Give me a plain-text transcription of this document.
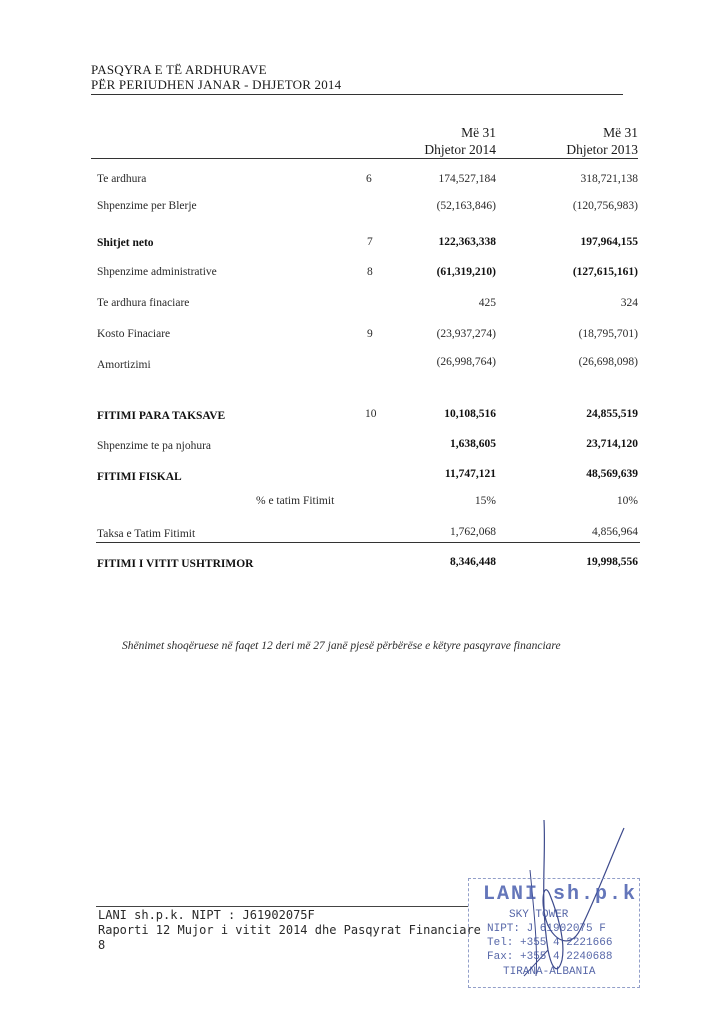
PASQYRA E TË ARDHURAVE
PËR PERIUDHEN JANAR - DHJETOR 2014
Më 31
Dhjetor 2014
Më 31
Dhjetor 2013
Te ardhura	6	174,527,184	318,721,138
Shpenzime per Blerje	(52,163,846)	(120,756,983)
Shitjet neto	7	122,363,338	197,964,155
Shpenzime administrative	8	(61,319,210)	(127,615,161)
Te ardhura finaciare	425	324
Kosto Finaciare	9	(23,937,274)	(18,795,701)
Amortizimi	(26,998,764)	(26,698,098)
FITIMI PARA TAKSAVE	10	10,108,516	24,855,519
Shpenzime te pa njohura	1,638,605	23,714,120
FITIMI FISKAL	11,747,121	48,569,639
% e tatim Fitimit	15%	10%
Taksa e Tatim Fitimit	1,762,068	4,856,964
FITIMI I VITIT USHTRIMOR	8,346,448	19,998,556
Shënimet shoqëruese në faqet 12 deri më 27 janë pjesë përbërëse e këtyre pasqyrave financiare
LANI sh.p.k
SKY TOWER
NIPT: J 61902075 F
Tel: +355 4 2221666
Fax: +355 4 2240688
TIRANA-ALBANIA
LANI sh.p.k. NIPT : J61902075F
Raporti 12 Mujor i vitit 2014 dhe Pasqyrat Financiare
8
